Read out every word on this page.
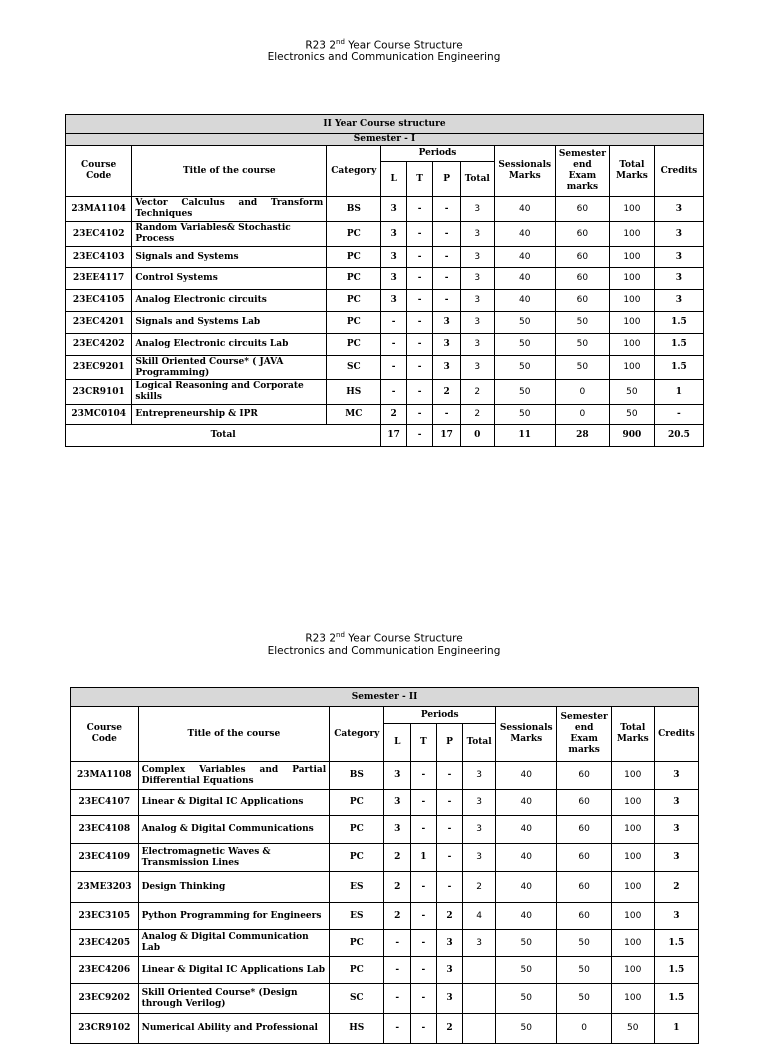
R23 2nd Year Course Structure
Electronics and Communication Engineering
II Year Course structure										
Semester - I										
Course Code	Title of the course	Category	Periods				Sessionals Marks	Semester end Exam marks	Total Marks	Credits
			L	T	P	Total				
23MA1104	Vector Calculus and Transform Techniques	BS	3	-	-	3	40	60	100	3
23EC4102	Random Variables& Stochastic Process	PC	3	-	-	3	40	60	100	3
23EC4103	Signals and Systems	PC	3	-	-	3	40	60	100	3
23EE4117	Control Systems	PC	3	-	-	3	40	60	100	3
23EC4105	Analog Electronic circuits	PC	3	-	-	3	40	60	100	3
23EC4201	Signals and Systems Lab	PC	-	-	3	3	50	50	100	1.5
23EC4202	Analog Electronic circuits Lab	PC	-	-	3	3	50	50	100	1.5
23EC9201	Skill Oriented Course* ( JAVA Programming)	SC	-	-	3	3	50	50	100	1.5
23CR9101	Logical Reasoning and Corporate skills	HS	-	-	2	2	50	0	50	1
23MC0104	Entrepreneurship & IPR	MC	2	-	-	2	50	0	50	-
Total			17	-	17	0	11	28	900	20.5
R23 2nd Year Course Structure
Electronics and Communication Engineering
Semester - II										
Course Code	Title of the course	Category	Periods				Sessionals Marks	Semester end Exam marks	Total Marks	Credits
			L	T	P	Total				
23MA1108	Complex Variables and Partial Differential Equations	BS	3	-	-	3	40	60	100	3
23EC4107	Linear & Digital IC Applications	PC	3	-	-	3	40	60	100	3
23EC4108	Analog & Digital Communications	PC	3	-	-	3	40	60	100	3
23EC4109	Electromagnetic Waves & Transmission Lines	PC	2	1	-	3	40	60	100	3
23ME3203	Design Thinking	ES	2	-	-	2	40	60	100	2
23EC3105	Python Programming for Engineers	ES	2	-	2	4	40	60	100	3
23EC4205	Analog & Digital Communication Lab	PC	-	-	3	3	50	50	100	1.5
23EC4206	Linear & Digital IC Applications Lab	PC	-	-	3		50	50	100	1.5
23EC9202	Skill Oriented Course* (Design through Verilog)	SC	-	-	3		50	50	100	1.5
23CR9102	Numerical Ability and Professional	HS	-	-	2		50	0	50	1
